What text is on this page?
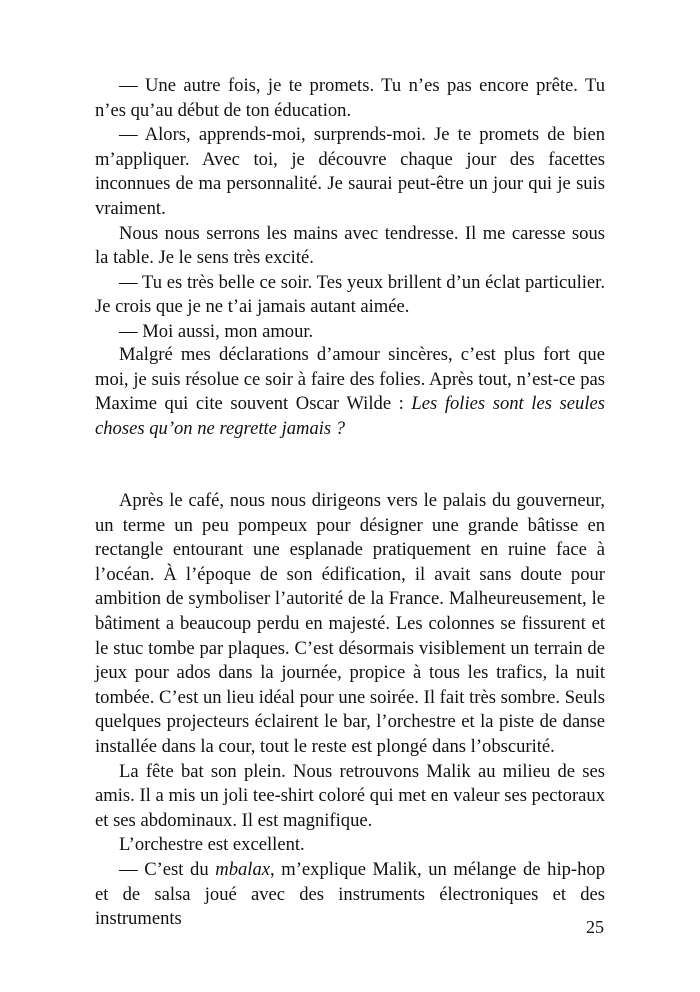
— Une autre fois, je te promets. Tu n’es pas encore prête. Tu n’es qu’au début de ton éducation.

— Alors, apprends-moi, surprends-moi. Je te promets de bien m’appliquer. Avec toi, je découvre chaque jour des facettes inconnues de ma personnalité. Je saurai peut-être un jour qui je suis vraiment.

Nous nous serrons les mains avec tendresse. Il me caresse sous la table. Je le sens très excité.

— Tu es très belle ce soir. Tes yeux brillent d’un éclat particulier. Je crois que je ne t’ai jamais autant aimée.

— Moi aussi, mon amour.

Malgré mes déclarations d’amour sincères, c’est plus fort que moi, je suis résolue ce soir à faire des folies. Après tout, n’est-ce pas Maxime qui cite souvent Oscar Wilde : Les folies sont les seules choses qu’on ne regrette jamais ?

Après le café, nous nous dirigeons vers le palais du gouverneur, un terme un peu pompeux pour désigner une grande bâtisse en rectangle entourant une esplanade pratiquement en ruine face à l’océan. À l’époque de son édification, il avait sans doute pour ambition de symboliser l’autorité de la France. Malheureusement, le bâtiment a beaucoup perdu en majesté. Les colonnes se fissurent et le stuc tombe par plaques. C’est désormais visiblement un terrain de jeux pour ados dans la journée, propice à tous les trafics, la nuit tombée. C’est un lieu idéal pour une soirée. Il fait très sombre. Seuls quelques projecteurs éclairent le bar, l’orchestre et la piste de danse installée dans la cour, tout le reste est plongé dans l’obscurité.

La fête bat son plein. Nous retrouvons Malik au milieu de ses amis. Il a mis un joli tee-shirt coloré qui met en valeur ses pectoraux et ses abdominaux. Il est magnifique.

L’orchestre est excellent.

— C’est du mbalax, m’explique Malik, un mélange de hip-hop et de salsa joué avec des instruments électroniques et des instruments	25
